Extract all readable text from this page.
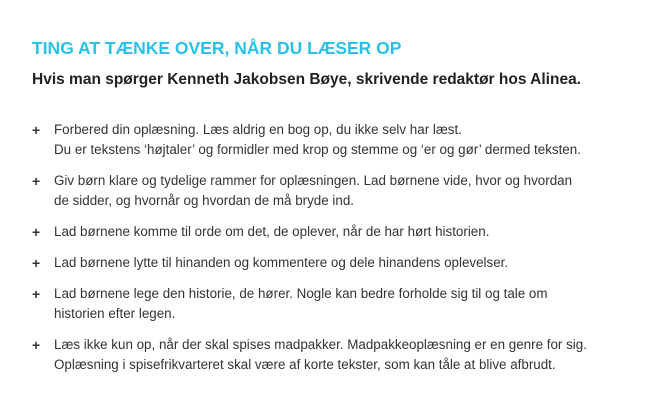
TING AT TÆNKE OVER, NÅR DU LÆSER OP
Hvis man spørger Kenneth Jakobsen Bøye, skrivende redaktør hos Alinea.
+ Forbered din oplæsning. Læs aldrig en bog op, du ikke selv har læst.
Du er tekstens ‘højtaler’ og formidler med krop og stemme og ‘er og gør’ dermed teksten.
+ Giv børn klare og tydelige rammer for oplæsningen. Lad børnene vide, hvor og hvordan
de sidder, og hvornår og hvordan de må bryde ind.
+ Lad børnene komme til orde om det, de oplever, når de har hørt historien.
+ Lad børnene lytte til hinanden og kommentere og dele hinandens oplevelser.
+ Lad børnene lege den historie, de hører. Nogle kan bedre forholde sig til og tale om
historien efter legen.
+ Læs ikke kun op, når der skal spises madpakker. Madpakkeoplæsning er en genre for sig.
Oplæsning i spisefrikvarteret skal være af korte tekster, som kan tåle at blive afbrudt.
